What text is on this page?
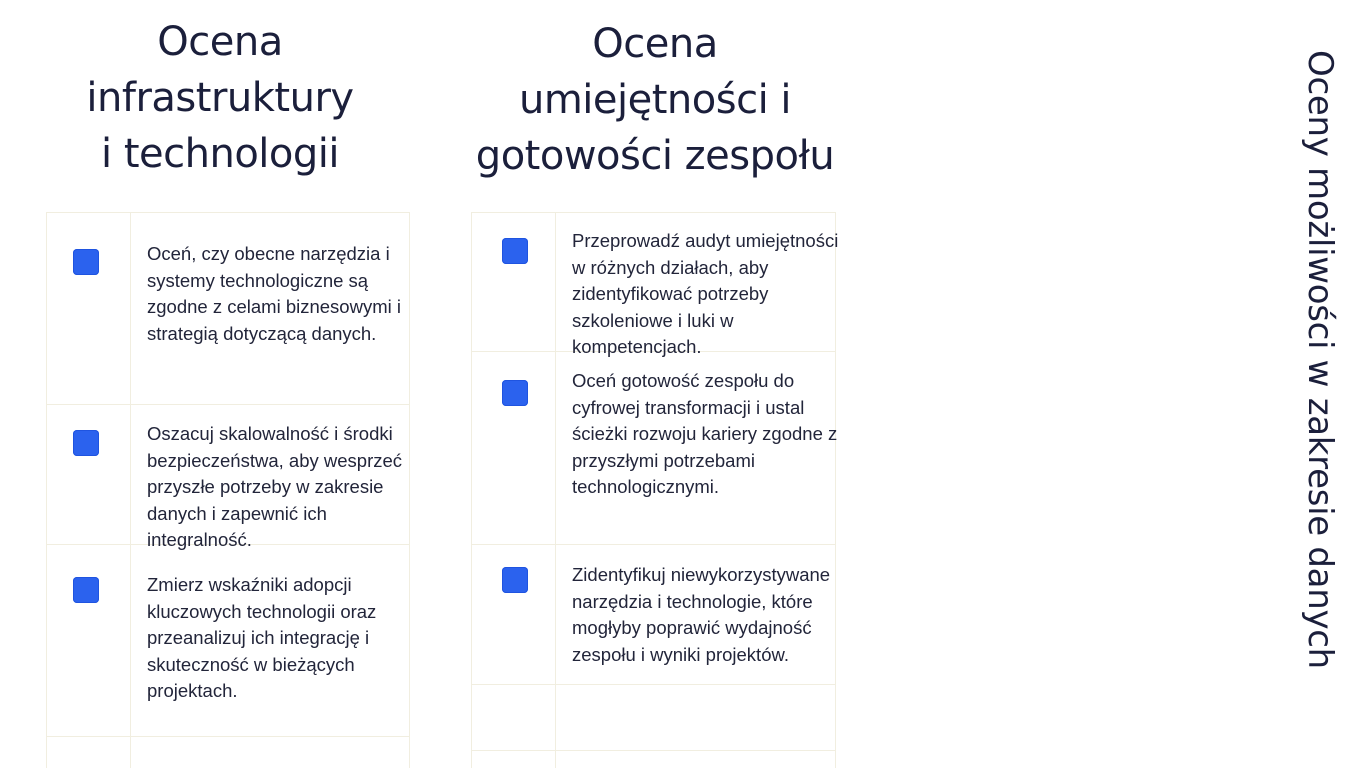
Ocena
infrastruktury
i technologii
Ocena
umiejętności i
gotowości zespołu

Oceń, czy obecne narzędzia i systemy technologiczne są zgodne z celami biznesowymi i strategią dotyczącą danych.

Oszacuj skalowalność i środki bezpieczeństwa, aby wesprzeć przyszłe potrzeby w zakresie danych i zapewnić ich integralność.

Zmierz wskaźniki adopcji kluczowych technologii oraz przeanalizuj ich integrację i skuteczność w bieżących projektach.

Przeprowadź audyt umiejętności w różnych działach, aby zidentyfikować potrzeby szkoleniowe i luki w kompetencjach.

Oceń gotowość zespołu do cyfrowej transformacji i ustal ścieżki rozwoju kariery zgodne z przyszłymi potrzebami technologicznymi.

Zidentyfikuj niewykorzystywane narzędzia i technologie, które mogłyby poprawić wydajność zespołu i wyniki projektów.	Oceny możliwości w zakresie danych
